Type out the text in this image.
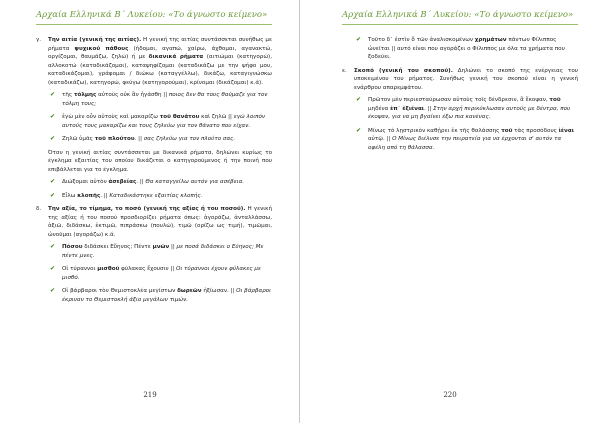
Αρχαία Ελληνικά Β΄ Λυκείου: «Το άγνωστο κείμενο»
γ. Την αιτία (γενική της αιτίας). Η γενική της αιτίας συντάσσεται συνήθως με ρήματα ψυχικού πάθους (ήδομαι, αγαπώ, χαίρω, άχθομαι, αγανακτώ, οργίζομαι, θαυμάζω, ζηλώ) ή με δικανικά ρήματα (αιτιώμαι (κατηγορώ), αλλοκοτώ (καταδικάζομαι), καταψηφίζομαι (καταδικάζω με την ψήφο μου, καταδικάζομαι), γράφομαι / διώκω (καταγγέλλω), δικάζω, καταγιγνώσκω (καταδικάζω), κατηγορώ, φεύγω (κατηγορούμαι), κρίνομαι (δικάζομαι) κ.ά).
✔ τῆς τόλμης αὐτοὺς οὐκ ἂν ἠγάσθη || ποιος δεν θα τους θαύμαζε για τον τόλμη τους;
✔ ἐγὼ μὲν οὖν αὐτοὺς καὶ μακαρίζω τοῦ θανάτου καὶ ζηλῶ || εγώ λοιπόν αυτούς τους μακαρίζω και τους ζηλεύω για τον θάνατο που είχαν.
✔ Ζηλῶ ὑμᾶς τοῦ πλούτου. || σας ζηλεύω για τον πλούτο σας.
Όταν η γενική αιτίας συντάσσεται με δικανικά ρήματα, δηλώνει κυρίως το έγκλημα εξαιτίας του οποίου δικάζεται ο κατηγορούμενος ή την ποινή που επιβάλλεται για το έγκλημα.
✔ Διώξομαι αὐτὸν ἀσεβείας. || Θα καταγγείλω αυτόν για ασέβεια.
✔ Εἷλω κλοπῆς. || Καταδικάστηκε εξαιτίας κλοπής.
δ. Την αξία, το τίμημα, το ποσό (γενική της αξίας ή του ποσού). Η γενική της αξίας ή του ποσού προσδιορίζει ρήματα όπως: ἀγοράζω, ἀνταλλάσσω, ἀξιῶ, διδάσκω, ἐκτιμῶ, πιπράσκω (πουλώ), τιμῶ (ορίζω ως τιμή), τιμῶμαι, ὠνοῦμαι (αγοράζω) κ.ά.
✔ Πόσου διδάσκει Εὔηνος; Πέντε μνῶν || με ποσά διδάσκει ο Εύηνος; Με πέντε μνες.
✔ Οἱ τύραννοι μισθοῦ φύλακας ἔχουσιν || Οι τύραννοι έχουν φύλακες με μισθό.
✔ Οἱ βάρβαροι τὸν Θεμιστοκλέα μεγίστων δωρεῶν ἠξίωσαν. || Οι βάρβαροι έκριναν το Θεμιστοκλή άξιο μεγάλων τιμών.
219
Αρχαία Ελληνικά Β΄ Λυκείου: «Το άγνωστο κείμενο»
✔ Τοῦτο δ᾽ ἐστὶν ὃ τῶν ἀναλισκομένων χρημάτων πάντων Φίλιππος ὠνεῖται || αυτό είναι που αγοράζει ο Φίλιππος με όλα τα χρήματα που ξοδεύει.
ε. Σκοπό (γενική του σκοπού). Δηλώνει το σκοπό της ενέργειας του υποκειμένου του ρήματος. Συνήθως γενική του σκοπού είναι η γενική ενάρθρου απαρεμφάτου.
✔ Πρῶτον μὲν περιεσταύρωσαν αὐτοὺς τοῖς δένδρεσιν, ἃ ἔκοψαν, τοῦ μηδένα ἐπ᾽ ἐξιέναι. || Στην αρχή περικύκλωσαν αυτούς με δέντρα, που έκοψαν, για να μη βγαίνει έξω πια κανένας.
✔ Μίνως τὸ λῃστρικὸν καθῄρει ἐκ τῆς θαλάσσης τοῦ τὰς προσόδους ἰέναι αὐτῷ. || Ο Μίνως διέλυσε την πειρατεία για να έρχονται σ' αυτόν τα οφέλη από τη θάλασσα.
220
